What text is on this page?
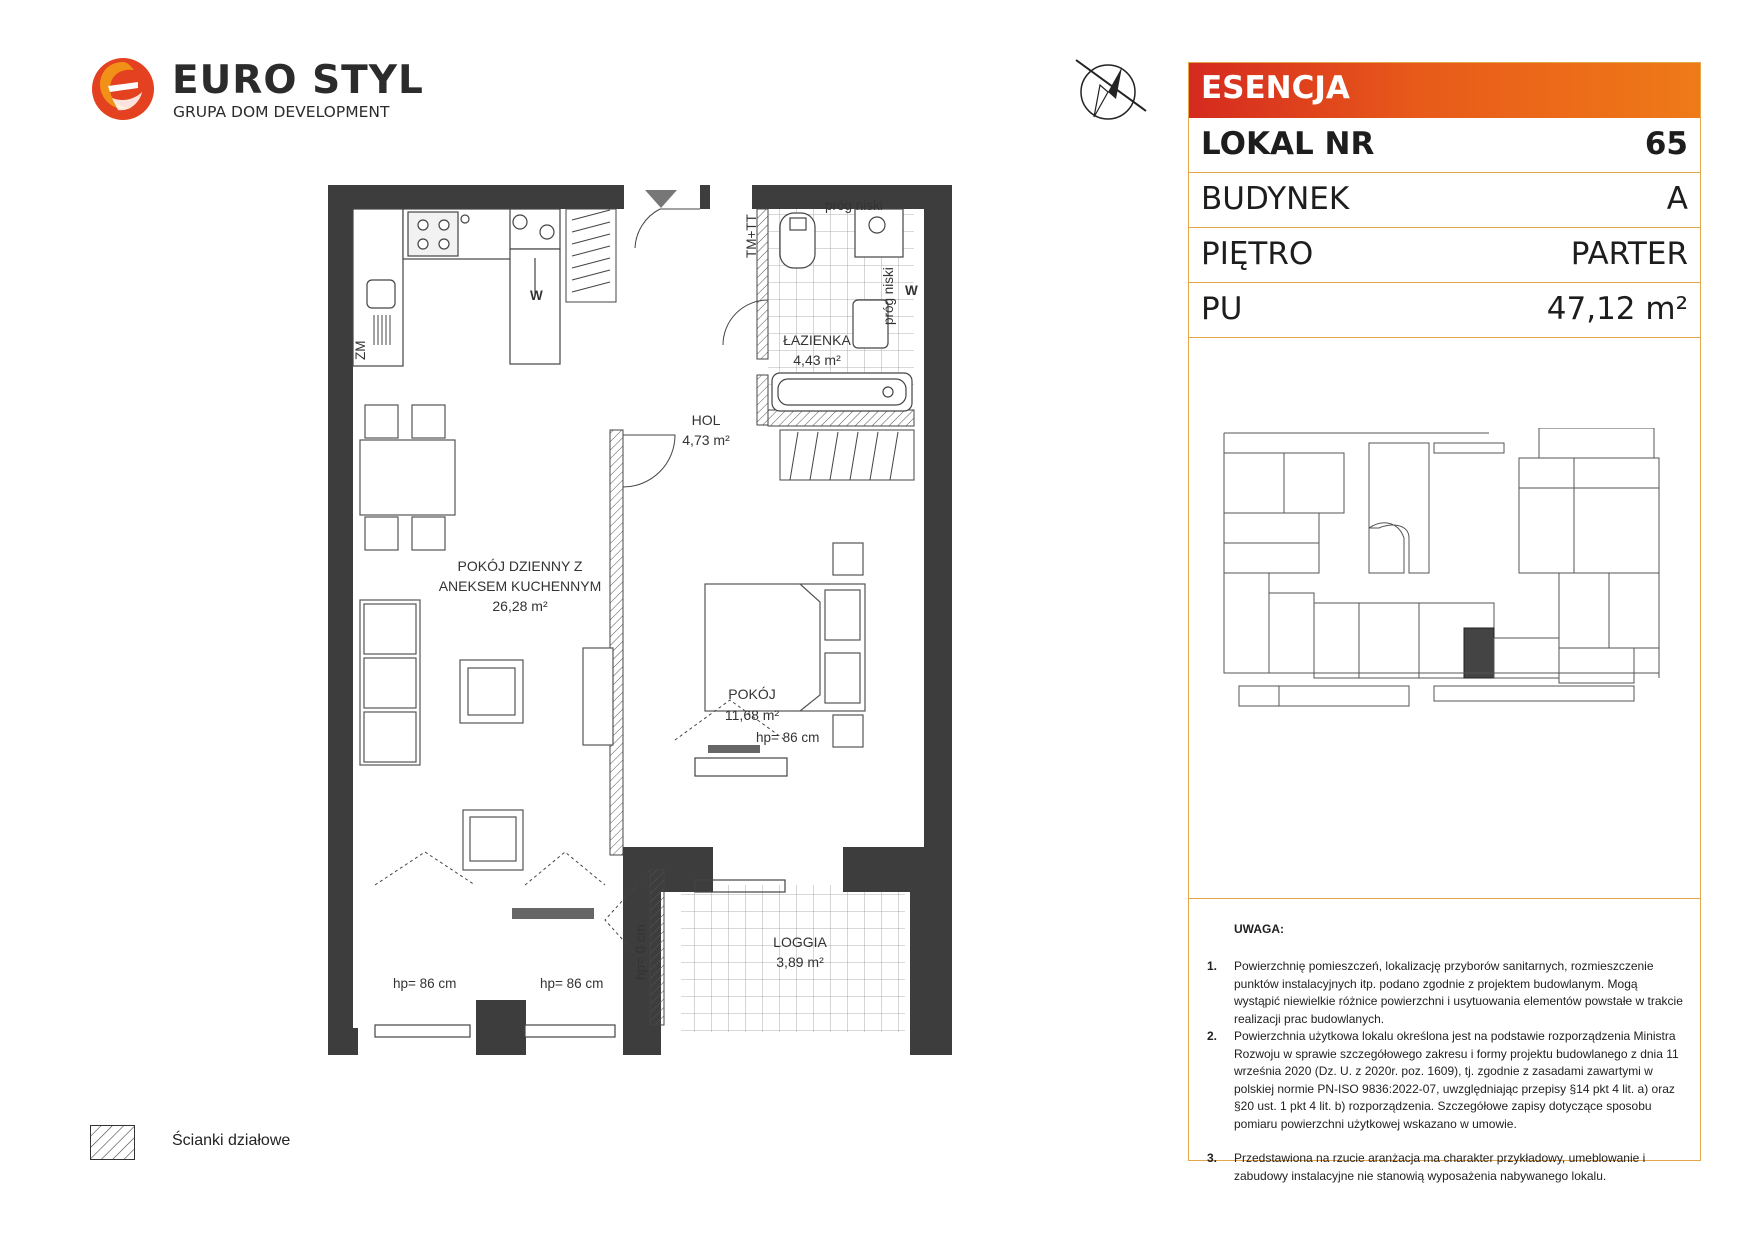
EURO STYL
GRUPA DOM DEVELOPMENT
ZM
W
próg niski
próg niski
TM+TT
W
POKÓJ DZIENNY Z
ANEKSEM KUCHENNYM
26,28 m²
HOL
4,73 m²
ŁAZIENKA
4,43 m²
POKÓJ
11,68 m²
LOGGIA
3,89 m²
hp= 86 cm
hp= 86 cm	hp= 86 cm
hp= 0 cm
Ścianki działowe
ESENCJA
LOKAL NR	65
BUDYNEK	A
PIĘTRO	PARTER
PU	47,12 m²
UWAGA:
1. Powierzchnię pomieszczeń, lokalizację przyborów sanitarnych, rozmieszczenie punktów instalacyjnych itp. podano zgodnie z projektem budowlanym. Mogą wystąpić niewielkie różnice powierzchni i usytuowania elementów powstałe w trakcie realizacji prac budowlanych.
2. Powierzchnia użytkowa lokalu określona jest na podstawie rozporządzenia Ministra Rozwoju w sprawie szczegółowego zakresu i formy projektu budowlanego z dnia 11 września 2020 (Dz. U. z 2020r. poz. 1609), tj. zgodnie z zasadami zawartymi w polskiej normie PN-ISO 9836:2022-07, uwzględniając przepisy §14 pkt 4 lit. a) oraz §20 ust. 1 pkt 4 lit. b) rozporządzenia. Szczegółowe zapisy dotyczące sposobu pomiaru powierzchni użytkowej wskazano w umowie.
3. Przedstawiona na rzucie aranżacja ma charakter przykładowy, umeblowanie i zabudowy instalacyjne nie stanowią wyposażenia nabywanego lokalu.
